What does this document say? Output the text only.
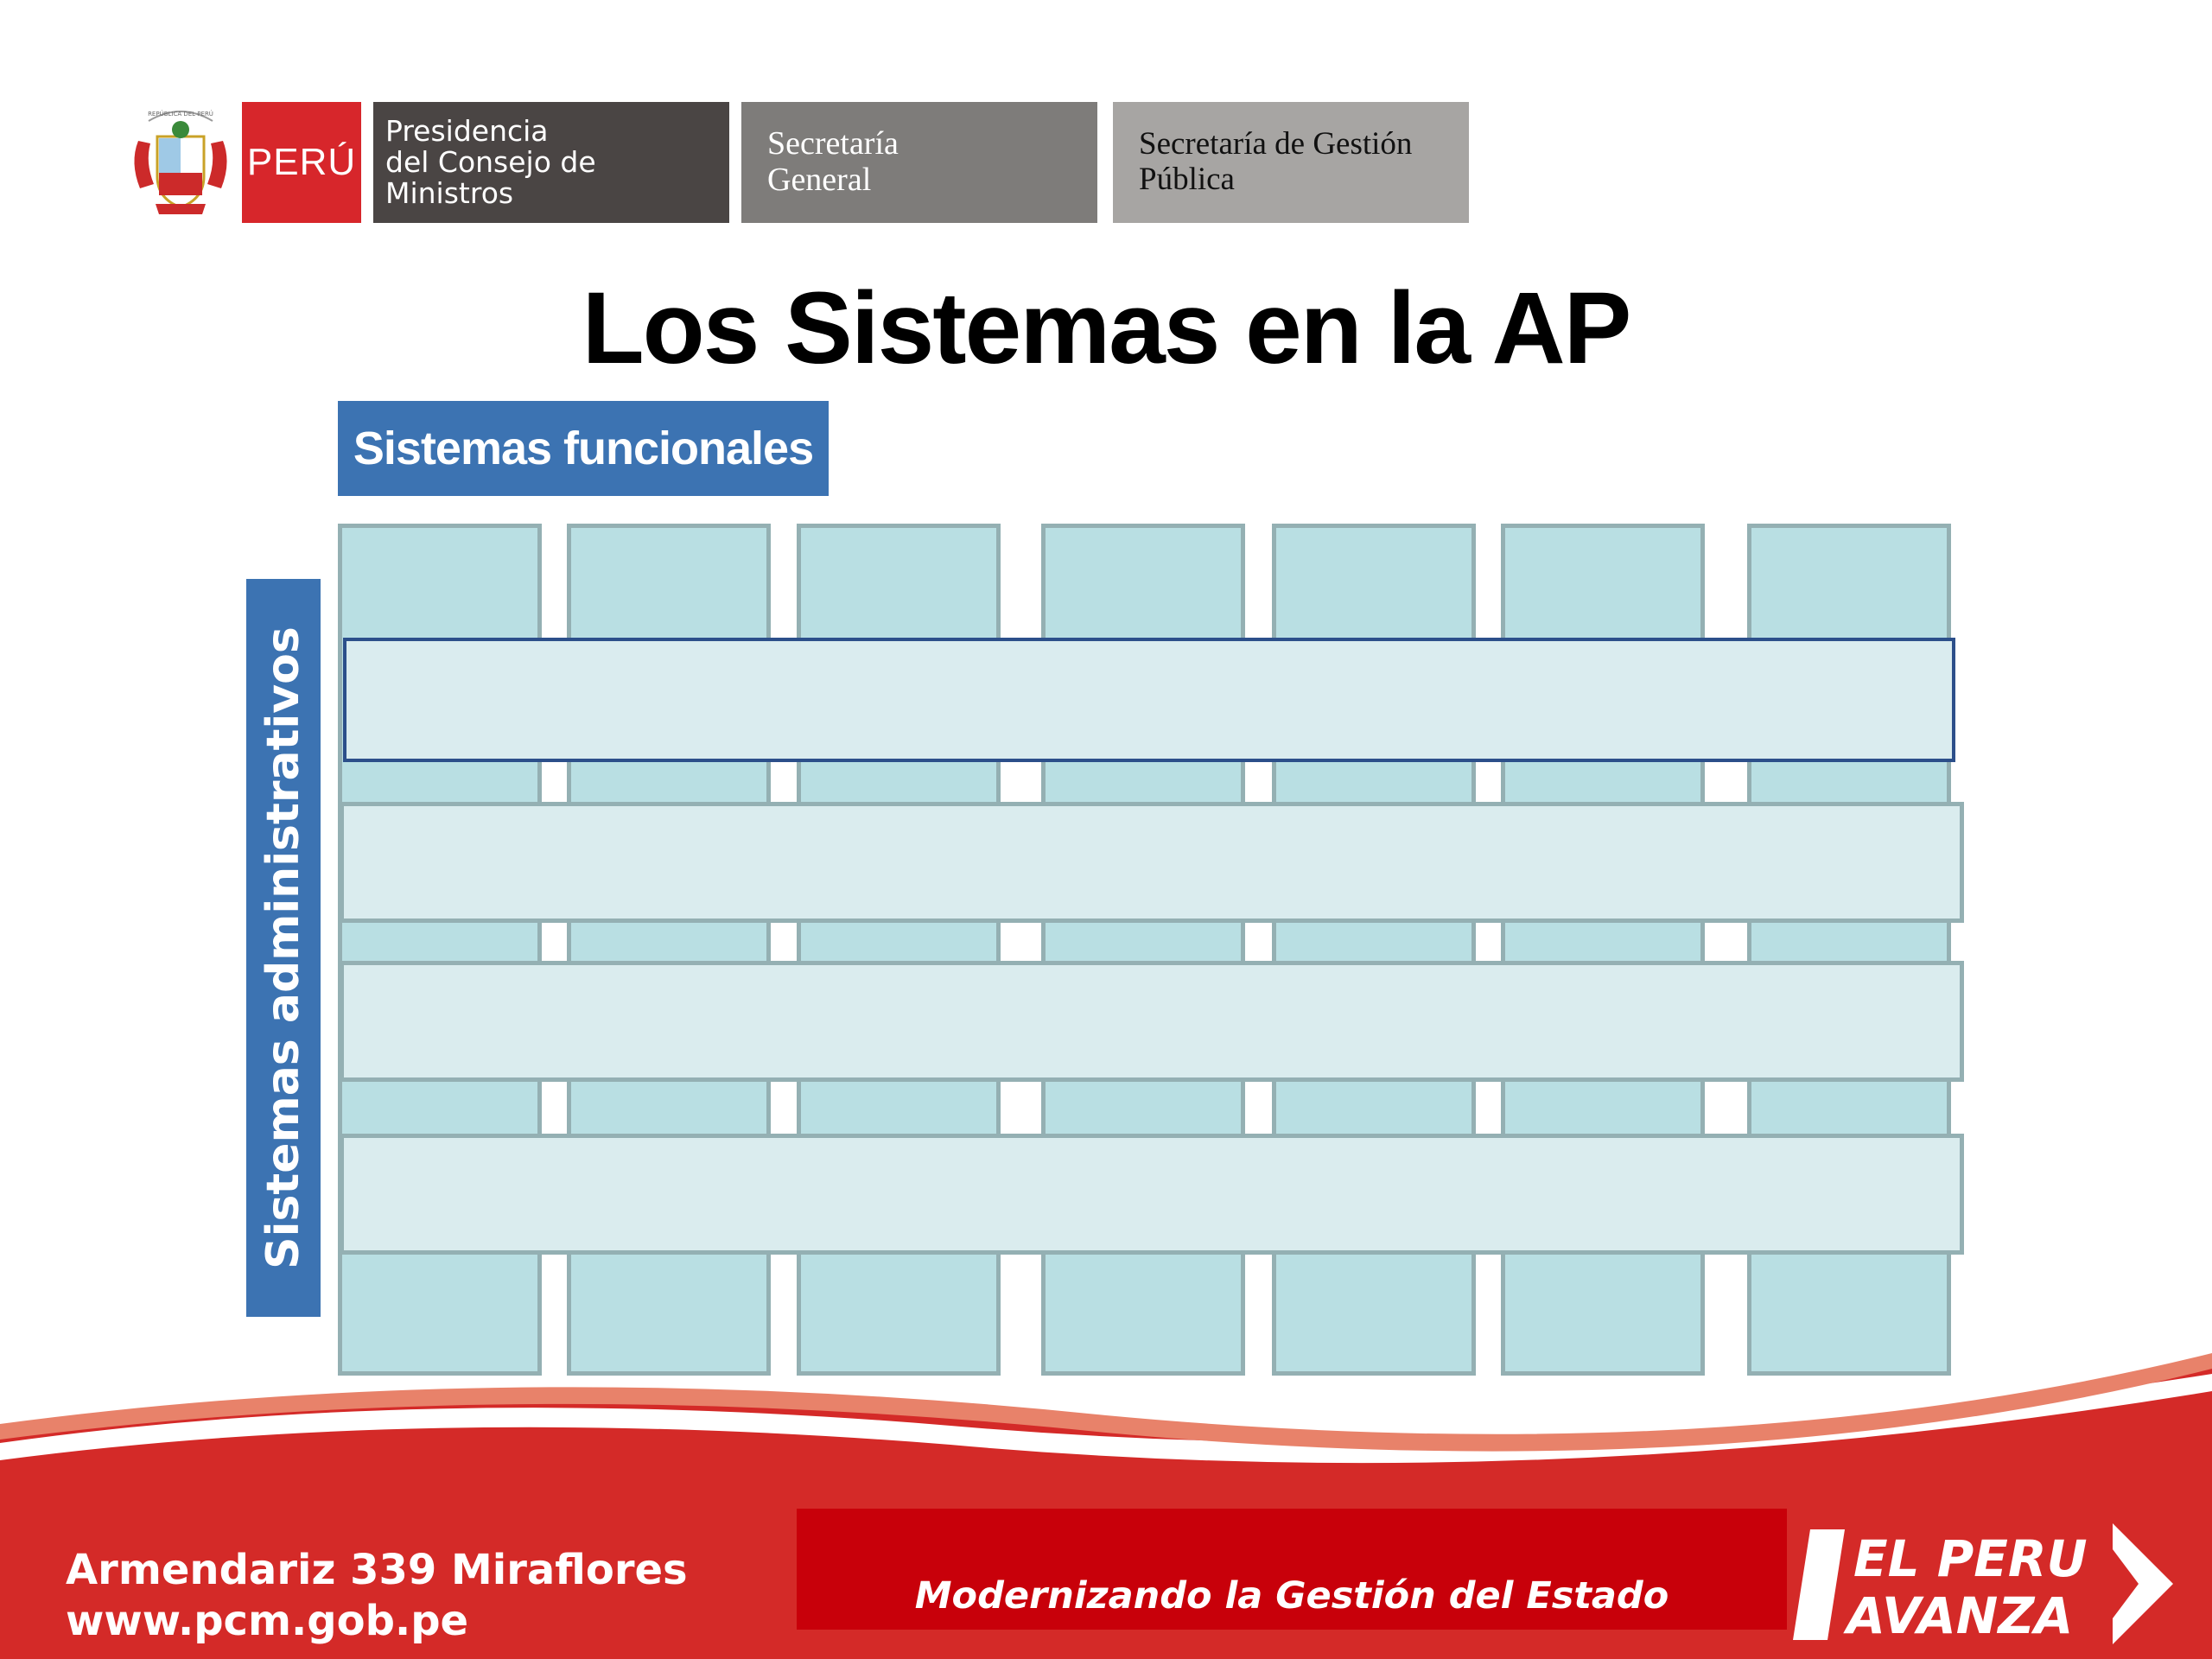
REPÚBLICA DEL PERÚ
PERÚ
Presidencia
del Consejo de Ministros
Secretaría
General
Secretaría de Gestión
Pública
Los Sistemas en la AP
Sistemas funcionales
Sistemas administrativos
Armendariz 339 Miraflores
www.pcm.gob.pe
Modernizando la Gestión del Estado
EL PERU
AVANZA
